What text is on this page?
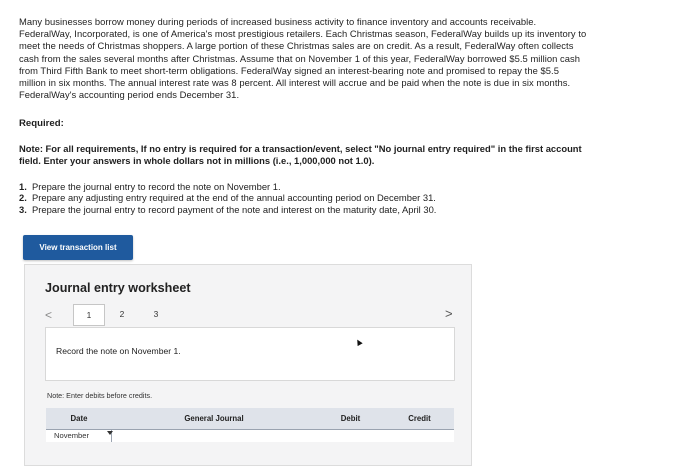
Many businesses borrow money during periods of increased business activity to finance inventory and accounts receivable.
FederalWay, Incorporated, is one of America's most prestigious retailers. Each Christmas season, FederalWay builds up its inventory to
meet the needs of Christmas shoppers. A large portion of these Christmas sales are on credit. As a result, FederalWay often collects
cash from the sales several months after Christmas. Assume that on November 1 of this year, FederalWay borrowed $5.5 million cash
from Third Fifth Bank to meet short-term obligations. FederalWay signed an interest-bearing note and promised to repay the $5.5
million in six months. The annual interest rate was 8 percent. All interest will accrue and be paid when the note is due in six months.
FederalWay's accounting period ends December 31.
Required:
Note: For all requirements, If no entry is required for a transaction/event, select "No journal entry required" in the first account
field. Enter your answers in whole dollars not in millions (i.e., 1,000,000 not 1.0).
1. Prepare the journal entry to record the note on November 1.
2. Prepare any adjusting entry required at the end of the annual accounting period on December 31.
3. Prepare the journal entry to record payment of the note and interest on the maturity date, April 30.
View transaction list
Journal entry worksheet
<	1	2	3	>
Record the note on November 1.
▲
Note: Enter debits before credits.
Date	General Journal	Debit	Credit
November
